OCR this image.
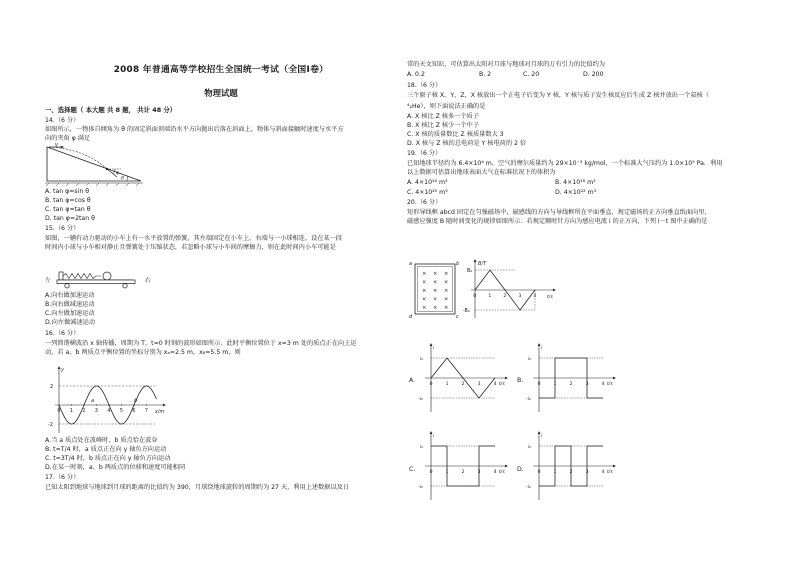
2008 年普通高等学校招生全国统一考试（全国Ⅰ卷）
物理试题
一、选择题（ 本大题 共 8 题， 共计 48 分）
14.（6 分）
如图所示，一物体自倾角为 θ 的固定斜面顶端沿水平方向抛出后落在斜面上，物体与斜面接触时速度与水平方
向的夹角 φ 满足
v
θ
φ
A. tan φ=sin θ
B. tan φ=cos θ
C. tan φ=tan θ
D. tan φ=2tan θ
15.（6 分）
如图，一辆有动力驱动的小车上有一水平放置的弹簧，其左端固定在小车上，右端与一小球相连，设在某一段
时间内小球与小车相对静止且弹簧处于压缩状态，若忽略小球与小车间的摩擦力，则在此时间内小车可能是
左	右
A.向右做加速运动
B.向右做减速运动
C.向左做加速运动
D.向左做减速运动
16.（6 分）
一列简谐横波沿 x 轴传播，周期为 T，t=0 时刻的波形如图所示．此时平衡位置位于 x=3 m 处的质点正在向上运
动，若 a、b 两质点平衡位置的坐标分别为 xₐ=2.5 m，xᵦ=5.5 m，则
y
2
-2
x/m
0 1 2 3 4 5 6 7
a	b
A.当 a 质点处在波峰时，b 质点恰在波谷
B. t=T/4 时，a 质点正在向 y 轴负方向运动
C. t=3T/4 时，b 质点正在向 y 轴负方向运动
D.在某一时刻，a、b 两质点的位移和速度可能相同
17.（6 分）
已知太阳到地球与地球到月球的距离的比值约为 390，月球绕地球旋转的周期约为 27 天，利用上述数据以及日
常的天文知识，可估算出太阳对月球与地球对月球的万有引力的比值约为
A. 0.2	B. 2	C. 20	D. 200
18.（6 分）
三个原子核 X、Y、Z，X 核放出一个正电子后变为 Y 核，Y 核与质子发生核反应后生成 Z 核并放出一个氦核（
⁴₂He），则下面说法正确的是
A. X 核比 Z 核多一个质子
B. X 核比 Z 核少一个中子
C. X 核的质量数比 Z 核质量数大 3
D. X 核与 Z 核的总电荷是 Y 核电荷的 2 倍
19.（6 分）
已知地球半径约为 6.4×10⁶ m，空气的摩尔质量约为 29×10⁻³ kg/mol，一个标准大气压约为 1.0×10⁵ Pa．利用
以上数据可估算出地球表面大气在标准状况下的体积为
A. 4×10¹⁶ m³	B. 4×10¹⁸ m³
C. 4×10²⁰ m³	D. 4×10²² m³
20.（6 分）
矩形导线框 abcd 固定在匀强磁场中，磁感线的方向与导线框所在平面垂直，规定磁场的正方向垂直纸面向里，
磁感应强度 B 随时间变化的规律如图所示．若规定顺时针方向为感应电流 i 的正方向，下列 i－t 图中正确的是
× × ×
× × ×
× × ×
× × ×
× × ×
a	b
c
d
B/T
B₀
-B₀
t/s
0	1	2	3	4
A.	B.
C.	D.
i
i₀
-i₀
t/s
0	1	2	3	4
i
i₀
-i₀
t/s
0	1	2	3	4
i
i₀
-i₀
t/s
0	1	2	3	4
i
i₀
-i₀
t/s
0	1	2	3	4
